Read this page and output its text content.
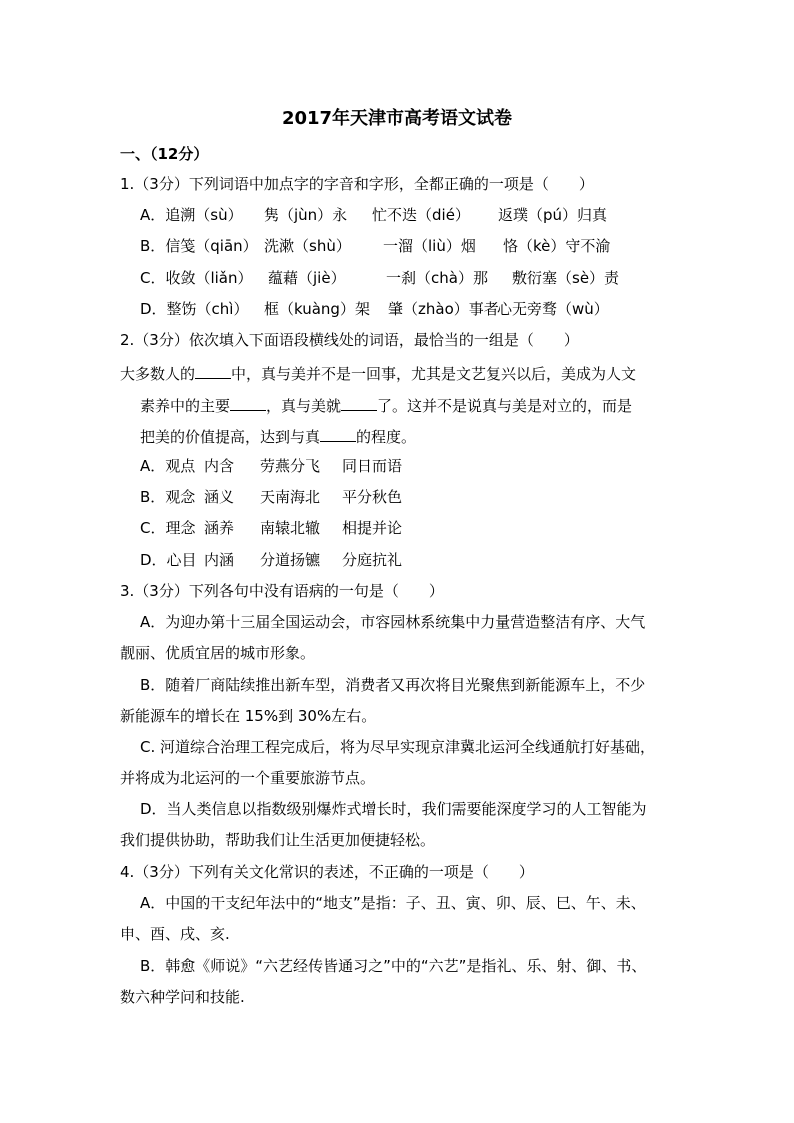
2017年天津市高考语文试卷
一、（12分）
1.（3分）下列词语中加点字的字音和字形，全都正确的一项是（　　）
A．追溯（sù） 隽（jùn）永 忙不迭（dié） 返璞（pú）归真
B．信笺（qiān） 洗漱（shù） 一溜（liù）烟 恪（kè）守不渝
C．收敛（liǎn） 蕴藉（jiè）	一刹（chà）那 敷衍塞（sè）责
D．整饬（chì） 框（kuàng）架 肇（zhào）事者心无旁骛（wù）
2.（3分）依次填入下面语段横线处的词语，最恰当的一组是（　　）
大多数人的 中，真与美并不是一回事，尤其是文艺复兴以后，美成为人文
素养中的主要 ，真与美就 了。这并不是说真与美是对立的，而是
把美的价值提高，达到与真 的程度。
A．观点 内含 劳燕分飞 同日而语
B．观念 涵义 天南海北 平分秋色
C．理念 涵养 南辕北辙 相提并论
D．心目 内涵 分道扬镳 分庭抗礼
3.（3分）下列各句中没有语病的一句是（　　）
A．为迎办第十三届全国运动会，市容园林系统集中力量营造整洁有序、大气
靓丽、优质宜居的城市形象。
B．随着厂商陆续推出新车型，消费者又再次将目光聚焦到新能源车上，不少
新能源车的增长在 15%到 30%左右。
C. 河道综合治理工程完成后，将为尽早实现京津冀北运河全线通航打好基础，
并将成为北运河的一个重要旅游节点。
D．当人类信息以指数级别爆炸式增长时，我们需要能深度学习的人工智能为
我们提供协助，帮助我们让生活更加便捷轻松。
4.（3分）下列有关文化常识的表述，不正确的一项是（　　）
A．中国的干支纪年法中的“地支”是指：子、丑、寅、卯、辰、巳、午、未、
申、酉、戌、亥.
B．韩愈《师说》“六艺经传皆通习之”中的“六艺”是指礼、乐、射、御、书、
数六种学问和技能.
